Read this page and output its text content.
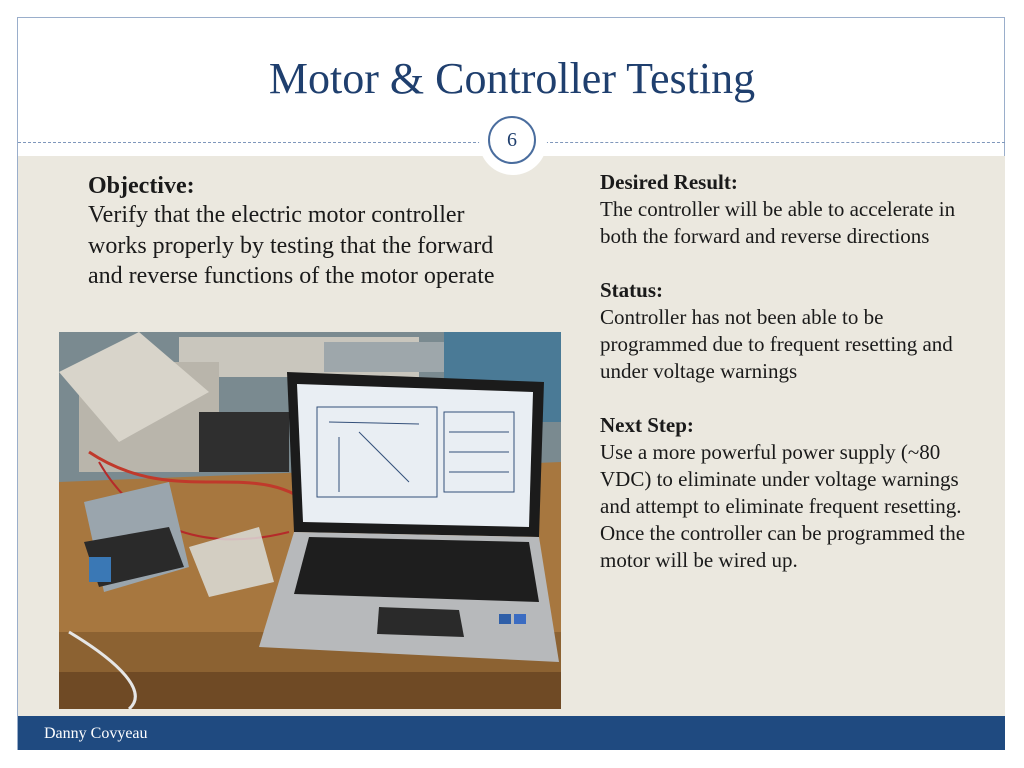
Motor & Controller Testing
6
Objective:
Verify that the electric motor controller works properly by testing that the forward and reverse functions of the motor operate
Desired Result:
The controller will be able to accelerate in both the forward and reverse directions
Status:
Controller has not been able to be programmed due to frequent resetting and under voltage warnings
Next Step:
Use a more powerful power supply (~80 VDC) to eliminate under voltage warnings and attempt to eliminate frequent resetting. Once the controller can be programmed the motor will be wired up.
Danny Covyeau
